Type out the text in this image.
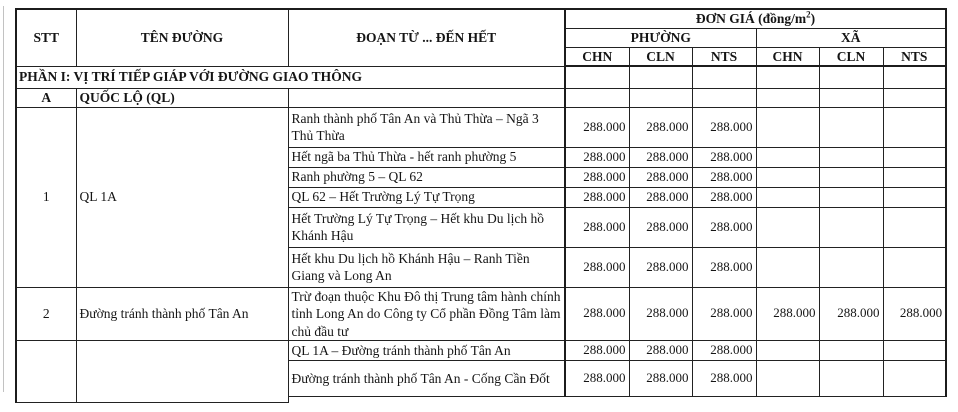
STT	TÊN ĐƯỜNG	ĐOẠN TỪ ... ĐẾN HẾT	ĐƠN GIÁ $(đồng/m^2)$					
			PHƯỜNG			XÃ		
			CHN	CLN	NTS	CHN	CLN	NTS
PHẦN I: VỊ TRÍ TIẾP GIÁP VỚI ĐƯỜNG GIAO THÔNG								
A	QUỐC LỘ (QL)							
1	QL 1A	Ranh thành phố Tân An và Thủ Thừa – Ngã 3 Thủ Thừa	288.000	288.000	288.000			
		Hết ngã ba Thủ Thừa - hết ranh phường 5	288.000	288.000	288.000			
		Ranh phường 5 – QL 62	288.000	288.000	288.000			
		QL 62 – Hết Trường Lý Tự Trọng	288.000	288.000	288.000			
		Hết Trường Lý Tự Trọng – Hết khu Du lịch hồ Khánh Hậu	288.000	288.000	288.000			
		Hết khu Du lịch hồ Khánh Hậu – Ranh Tiền Giang và Long An	288.000	288.000	288.000			
2	Đường tránh thành phố Tân An	Trừ đoạn thuộc Khu Đô thị Trung tâm hành chính tỉnh Long An do Công ty Cổ phần Đồng Tâm làm chủ đầu tư	288.000	288.000	288.000	288.000	288.000	288.000
		QL 1A – Đường tránh thành phố Tân An	288.000	288.000	288.000			
		Đường tránh thành phố Tân An - Cống Cần Đốt	288.000	288.000	288.000			
